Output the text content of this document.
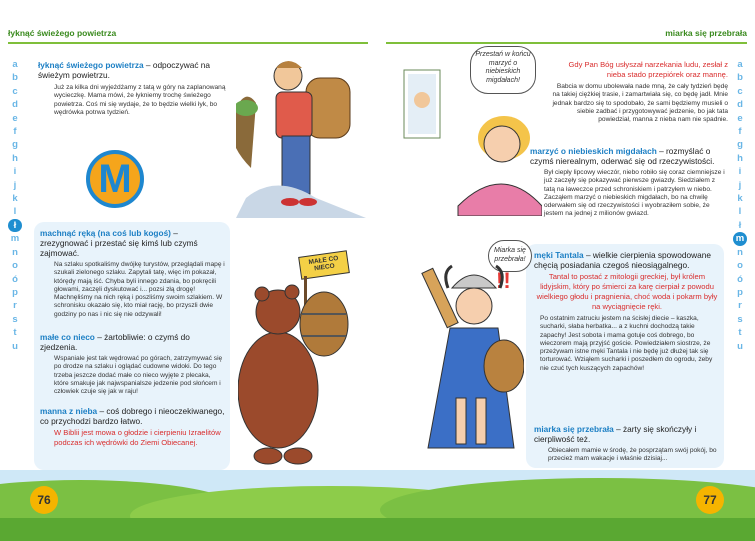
łyknąć świeżego powietrza	miarka się przebrała
a
b
c
d
e
f
g
h
i
j
k
l
ł
m
n
o
ó
p
r
s
t
u
a
b
c
d
e
f
g
h
i
j
k
l
ł
m
n
o
ó
p
r
s
t
u

łyknąć świeżego powietrza – odpoczywać na świeżym powietrzu.

Już za kilka dni wyjeżdżamy z tatą w góry na zaplanowaną wycieczkę. Mama mówi, że łykniemy trochę świeżego powietrza. Coś mi się wydaje, że to będzie wielki łyk, bo wędrówka potrwa tydzień.

M

machnąć ręką (na coś lub kogoś) – zrezygnować i przestać się kimś lub czymś zajmować.

Na szlaku spotkaliśmy dwójkę turystów, przeglądali mapę i szukali zielonego szlaku. Zapytali tatę, więc im pokazał, którędy mają iść. Chyba byli innego zdania, bo pokręcili głowami, zaczęli dyskutować i... pozsi złą drogę! Machnęliśmy na nich ręką i poszliśmy swoim szlakiem. W schronisku okazało się, kto miał rację, bo przyszli dwie godziny po nas i nic się nie odzywali!

małe co nieco – żartobliwie: o czymś do zjedzenia.

Wspaniale jest tak wędrować po górach, zatrzymywać się po drodze na szlaku i oglądać cudowne widoki. Do tego trzeba jeszcze dodać małe co nieco wyjęte z plecaka, które smakuje jak najwspanialsze jedzenie pod słońcem i człowiek czuje się jak w raju!

manna z nieba – coś dobrego i nieoczekiwanego, co przychodzi bardzo łatwo.

W Biblii jest mowa o głodzie i cierpieniu Izraelitów podczas ich wędrówki do Ziemi Obiecanej.

MAŁE CO NIECO
Przestań w końcu marzyć o niebieskich migdałach!

Gdy Pan Bóg usłyszał narzekania ludu, zesłał z nieba stado przepiórek oraz mannę.

Babcia w domu ubolewała nade mną, że cały tydzień będę na takiej ciężkiej trasie, i zamartwiała się, co będę jadł. Mnie jednak bardzo się to spodobało, że sami będziemy musieli o siebie zadbać i przygotowywać jedzenie, bo jak tata powiedział, manna z nieba nam nie spadnie.

marzyć o niebieskich migdałach – rozmyślać o czymś nierealnym, oderwać się od rzeczywistości.

Był ciepły lipcowy wieczór, niebo robiło się coraz ciemniejsze i już zaczęły się pokazywać pierwsze gwiazdy. Siedziałem z tatą na ławeczce przed schroniskiem i patrzyłem w niebo. Zacząłem marzyć o niebieskich migdałach, bo na chwilę oderwałem się od rzeczywistości i wyobraziłem sobie, że jestem na jednej z milionów gwiazd.

męki Tantala – wielkie cierpienia spowodowane chęcią posiadania czegoś nieosiągalnego.

Tantal to postać z mitologii greckiej, był królem lidyjskim, który po śmierci za karę cierpiał z powodu wielkiego głodu i pragnienia, choć woda i pokarm były na wyciągnięcie ręki.

Po ostatnim zatruciu jestem na ścisłej diecie – kaszka, sucharki, słaba herbatka... a z kuchni dochodzą takie zapachy! Jest sobota i mama gotuje coś dobrego, bo wieczorem mają przyjść goście. Powiedziałem siostrze, że przeżywam istne męki Tantala i nie będę już dłużej tak się torturować. Wziąłem sucharki i poszedłem do ogrodu, żeby nie czuć tych kuszących zapachów!

miarka się przebrała – żarty się skończyły i cierpliwość też.

Obiecałem mamie w środę, że posprzątam swój pokój, bo przecież mam wakacje i właśnie dzisiaj...

Miarka się przebrała!
!!
76	77
